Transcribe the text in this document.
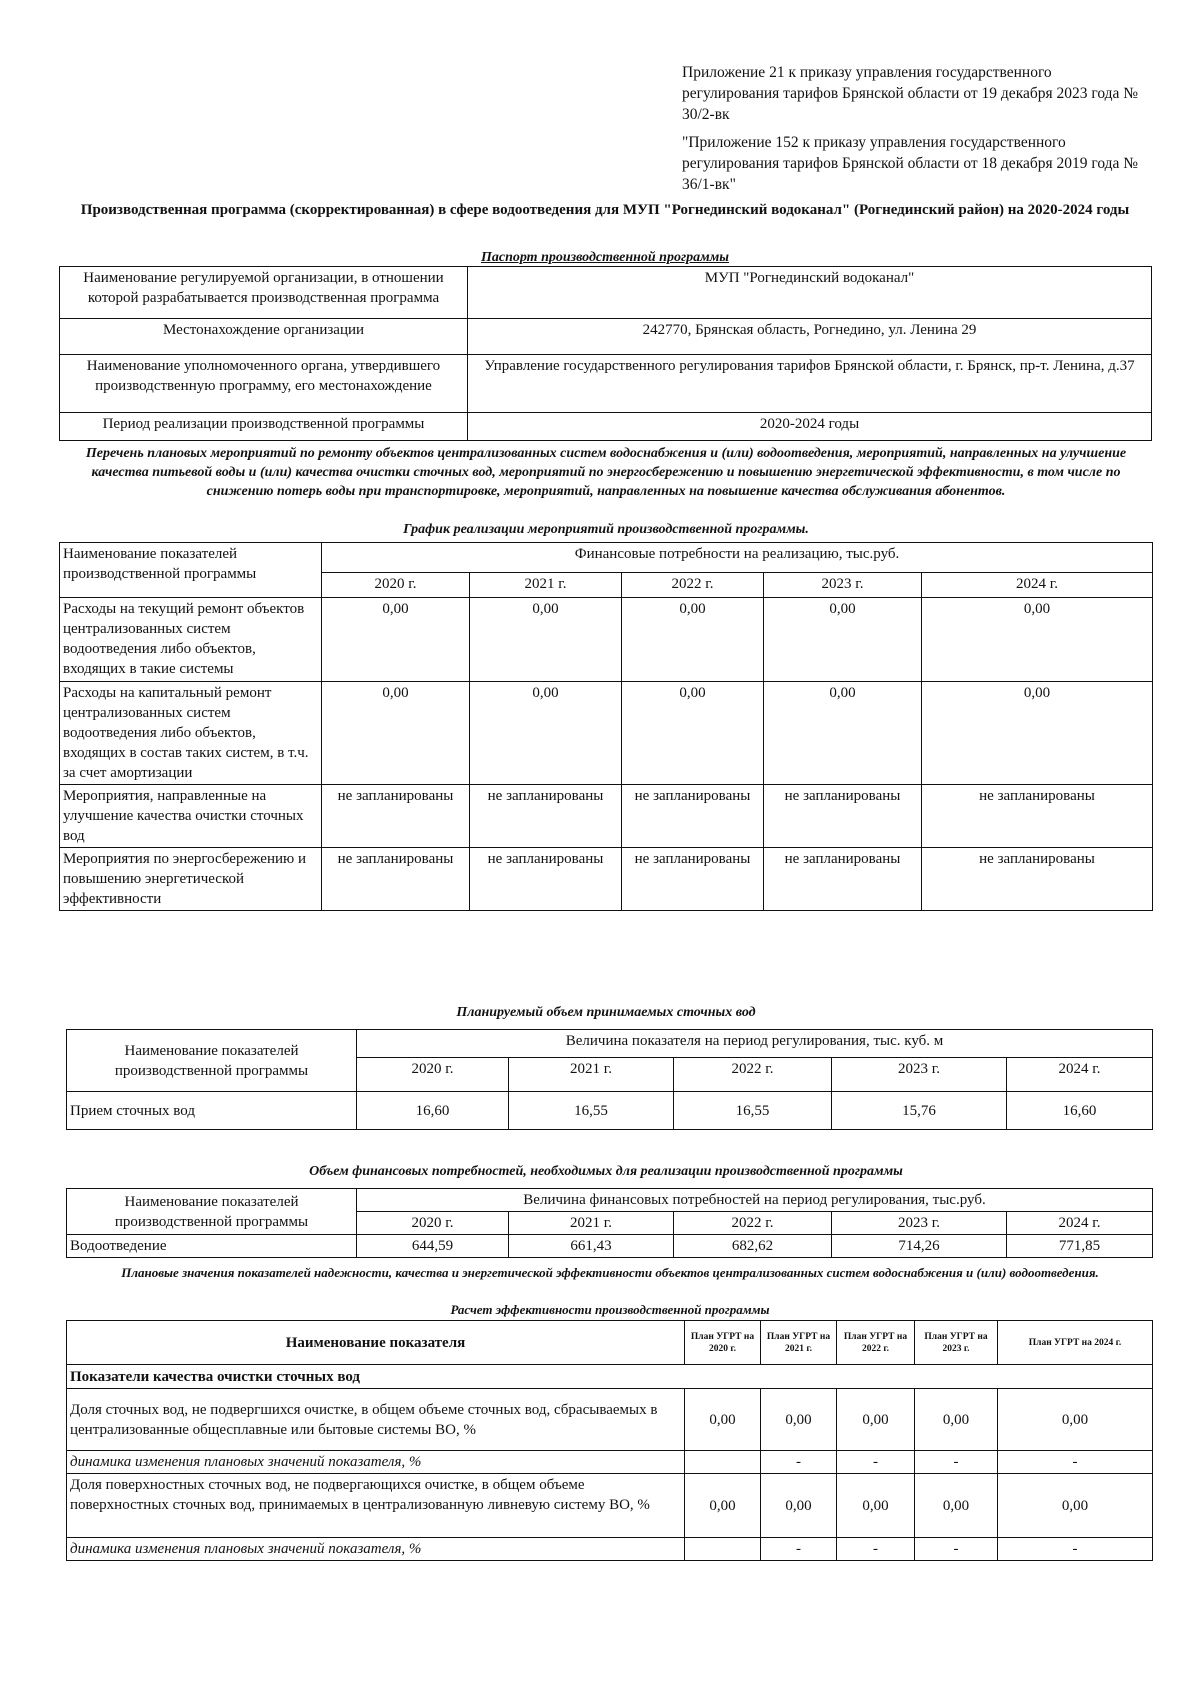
Приложение 21 к приказу управления государственного регулирования тарифов Брянской области от 19 декабря 2023 года № 30/2-вк
"Приложение 152 к приказу управления государственного регулирования тарифов Брянской области от 18 декабря 2019 года № 36/1-вк"
Производственная программа (скорректированная) в сфере водоотведения для МУП "Рогнединский водоканал" (Рогнединский район) на 2020-2024 годы
Паспорт производственной программы
Наименование регулируемой организации, в отношении которой разрабатывается производственная программа	МУП "Рогнединский водоканал"
Местонахождение организации	242770, Брянская область, Рогнедино, ул. Ленина 29
Наименование уполномоченного органа, утвердившего производственную программу, его местонахождение	Управление государственного регулирования тарифов Брянской области, г. Брянск, пр-т. Ленина, д.37
Период реализации производственной программы	2020-2024 годы
Перечень плановых мероприятий по ремонту объектов централизованных систем водоснабжения и (или) водоотведения, мероприятий, направленных на улучшение качества питьевой воды и (или) качества очистки сточных вод, мероприятий по энергосбережению и повышению энергетической эффективности, в том числе по снижению потерь воды при транспортировке, мероприятий, направленных на повышение качества обслуживания абонентов.
График реализации мероприятий производственной программы.
Наименование показателей производственной программы	Финансовые потребности на реализацию, тыс.руб.				
	2020 г.	2021 г.	2022 г.	2023 г.	2024 г.
Расходы на текущий ремонт объектов централизованных систем водоотведения либо объектов, входящих в такие системы	0,00	0,00	0,00	0,00	0,00
Расходы на капитальный ремонт централизованных систем водоотведения либо объектов, входящих в состав таких систем, в т.ч. за счет амортизации	0,00	0,00	0,00	0,00	0,00
Мероприятия, направленные на улучшение качества очистки сточных вод	не запланированы	не запланированы	не запланированы	не запланированы	не запланированы
Мероприятия по энергосбережению и повышению энергетической эффективности	не запланированы	не запланированы	не запланированы	не запланированы	не запланированы
Планируемый объем принимаемых сточных вод
Наименование показателей производственной программы	Величина показателя на период регулирования, тыс. куб. м				
	2020 г.	2021 г.	2022 г.	2023 г.	2024 г.
Прием сточных вод	16,60	16,55	16,55	15,76	16,60
Объем финансовых потребностей, необходимых для реализации производственной программы
Наименование показателей производственной программы	Величина финансовых потребностей на период регулирования, тыс.руб.				
	2020 г.	2021 г.	2022 г.	2023 г.	2024 г.
Водоотведение	644,59	661,43	682,62	714,26	771,85
Плановые значения показателей надежности, качества и энергетической эффективности объектов централизованных систем водоснабжения и (или) водоотведения.
Расчет эффективности производственной программы
Наименование показателя	План УГРТ на 2020 г.	План УГРТ на 2021 г.	План УГРТ на 2022 г.	План УГРТ на 2023 г.	План УГРТ на 2024 г.
Показатели качества очистки сточных вод					
Доля сточных вод, не подвергшихся очистке, в общем объеме сточных вод, сбрасываемых в централизованные общесплавные или бытовые системы ВО, %	0,00	0,00	0,00	0,00	0,00
динамика изменения плановых значений показателя, %		-	-	-	-
Доля поверхностных сточных вод, не подвергающихся очистке, в общем объеме поверхностных сточных вод, принимаемых в централизованную ливневую систему ВО, %	0,00	0,00	0,00	0,00	0,00
динамика изменения плановых значений показателя, %		-	-	-	-
